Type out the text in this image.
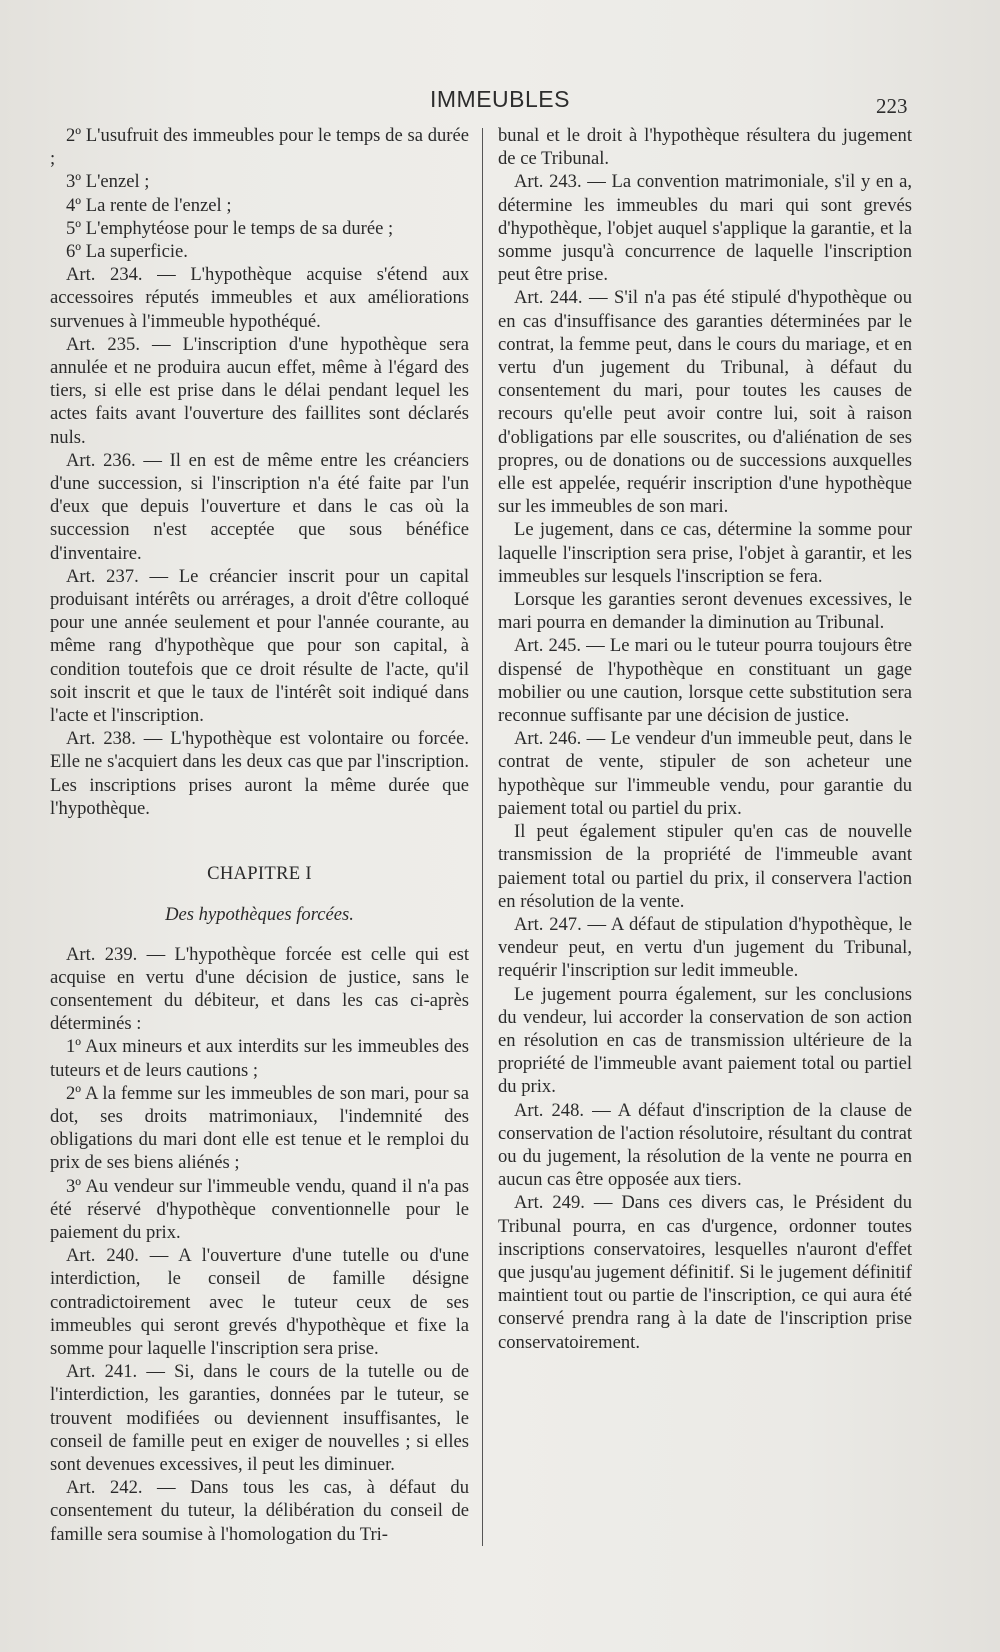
IMMEUBLES	223

2º L'usufruit des immeubles pour le temps de sa durée ;

3º L'enzel ;

4º La rente de l'enzel ;

5º L'emphytéose pour le temps de sa durée ;

6º La superficie.

Art. 234. — L'hypothèque acquise s'étend aux accessoires réputés immeubles et aux améliorations survenues à l'immeuble hypothéqué.

Art. 235. — L'inscription d'une hypothèque sera annulée et ne produira aucun effet, même à l'égard des tiers, si elle est prise dans le délai pendant lequel les actes faits avant l'ouverture des faillites sont déclarés nuls.

Art. 236. — Il en est de même entre les créanciers d'une succession, si l'inscription n'a été faite par l'un d'eux que depuis l'ouverture et dans le cas où la succession n'est acceptée que sous bénéfice d'inventaire.

Art. 237. — Le créancier inscrit pour un capital produisant intérêts ou arrérages, a droit d'être colloqué pour une année seulement et pour l'année courante, au même rang d'hypothèque que pour son capital, à condition toutefois que ce droit résulte de l'acte, qu'il soit inscrit et que le taux de l'intérêt soit indiqué dans l'acte et l'inscription.

Art. 238. — L'hypothèque est volontaire ou forcée. Elle ne s'acquiert dans les deux cas que par l'inscription. Les inscriptions prises auront la même durée que l'hypothèque.

CHAPITRE I
Des hypothèques forcées.

Art. 239. — L'hypothèque forcée est celle qui est acquise en vertu d'une décision de justice, sans le consentement du débiteur, et dans les cas ci-après déterminés :

1º Aux mineurs et aux interdits sur les immeubles des tuteurs et de leurs cautions ;

2º A la femme sur les immeubles de son mari, pour sa dot, ses droits matrimoniaux, l'indemnité des obligations du mari dont elle est tenue et le remploi du prix de ses biens aliénés ;

3º Au vendeur sur l'immeuble vendu, quand il n'a pas été réservé d'hypothèque conventionnelle pour le paiement du prix.

Art. 240. — A l'ouverture d'une tutelle ou d'une interdiction, le conseil de famille désigne contradictoirement avec le tuteur ceux de ses immeubles qui seront grevés d'hypothèque et fixe la somme pour laquelle l'inscription sera prise.

Art. 241. — Si, dans le cours de la tutelle ou de l'interdiction, les garanties, données par le tuteur, se trouvent modifiées ou deviennent insuffisantes, le conseil de famille peut en exiger de nouvelles ; si elles sont devenues excessives, il peut les diminuer.

Art. 242. — Dans tous les cas, à défaut du consentement du tuteur, la délibération du conseil de famille sera soumise à l'homologation du Tri-

bunal et le droit à l'hypothèque résultera du jugement de ce Tribunal.

Art. 243. — La convention matrimoniale, s'il y en a, détermine les immeubles du mari qui sont grevés d'hypothèque, l'objet auquel s'applique la garantie, et la somme jusqu'à concurrence de laquelle l'inscription peut être prise.

Art. 244. — S'il n'a pas été stipulé d'hypothèque ou en cas d'insuffisance des garanties déterminées par le contrat, la femme peut, dans le cours du mariage, et en vertu d'un jugement du Tribunal, à défaut du consentement du mari, pour toutes les causes de recours qu'elle peut avoir contre lui, soit à raison d'obligations par elle souscrites, ou d'aliénation de ses propres, ou de donations ou de successions auxquelles elle est appelée, requérir inscription d'une hypothèque sur les immeubles de son mari.

Le jugement, dans ce cas, détermine la somme pour laquelle l'inscription sera prise, l'objet à garantir, et les immeubles sur lesquels l'inscription se fera.

Lorsque les garanties seront devenues excessives, le mari pourra en demander la diminution au Tribunal.

Art. 245. — Le mari ou le tuteur pourra toujours être dispensé de l'hypothèque en constituant un gage mobilier ou une caution, lorsque cette substitution sera reconnue suffisante par une décision de justice.

Art. 246. — Le vendeur d'un immeuble peut, dans le contrat de vente, stipuler de son acheteur une hypothèque sur l'immeuble vendu, pour garantie du paiement total ou partiel du prix.

Il peut également stipuler qu'en cas de nouvelle transmission de la propriété de l'immeuble avant paiement total ou partiel du prix, il conservera l'action en résolution de la vente.

Art. 247. — A défaut de stipulation d'hypothèque, le vendeur peut, en vertu d'un jugement du Tribunal, requérir l'inscription sur ledit immeuble.

Le jugement pourra également, sur les conclusions du vendeur, lui accorder la conservation de son action en résolution en cas de transmission ultérieure de la propriété de l'immeuble avant paiement total ou partiel du prix.

Art. 248. — A défaut d'inscription de la clause de conservation de l'action résolutoire, résultant du contrat ou du jugement, la résolution de la vente ne pourra en aucun cas être opposée aux tiers.

Art. 249. — Dans ces divers cas, le Président du Tribunal pourra, en cas d'urgence, ordonner toutes inscriptions conservatoires, lesquelles n'auront d'effet que jusqu'au jugement définitif. Si le jugement définitif maintient tout ou partie de l'inscription, ce qui aura été conservé prendra rang à la date de l'inscription prise conservatoirement.
